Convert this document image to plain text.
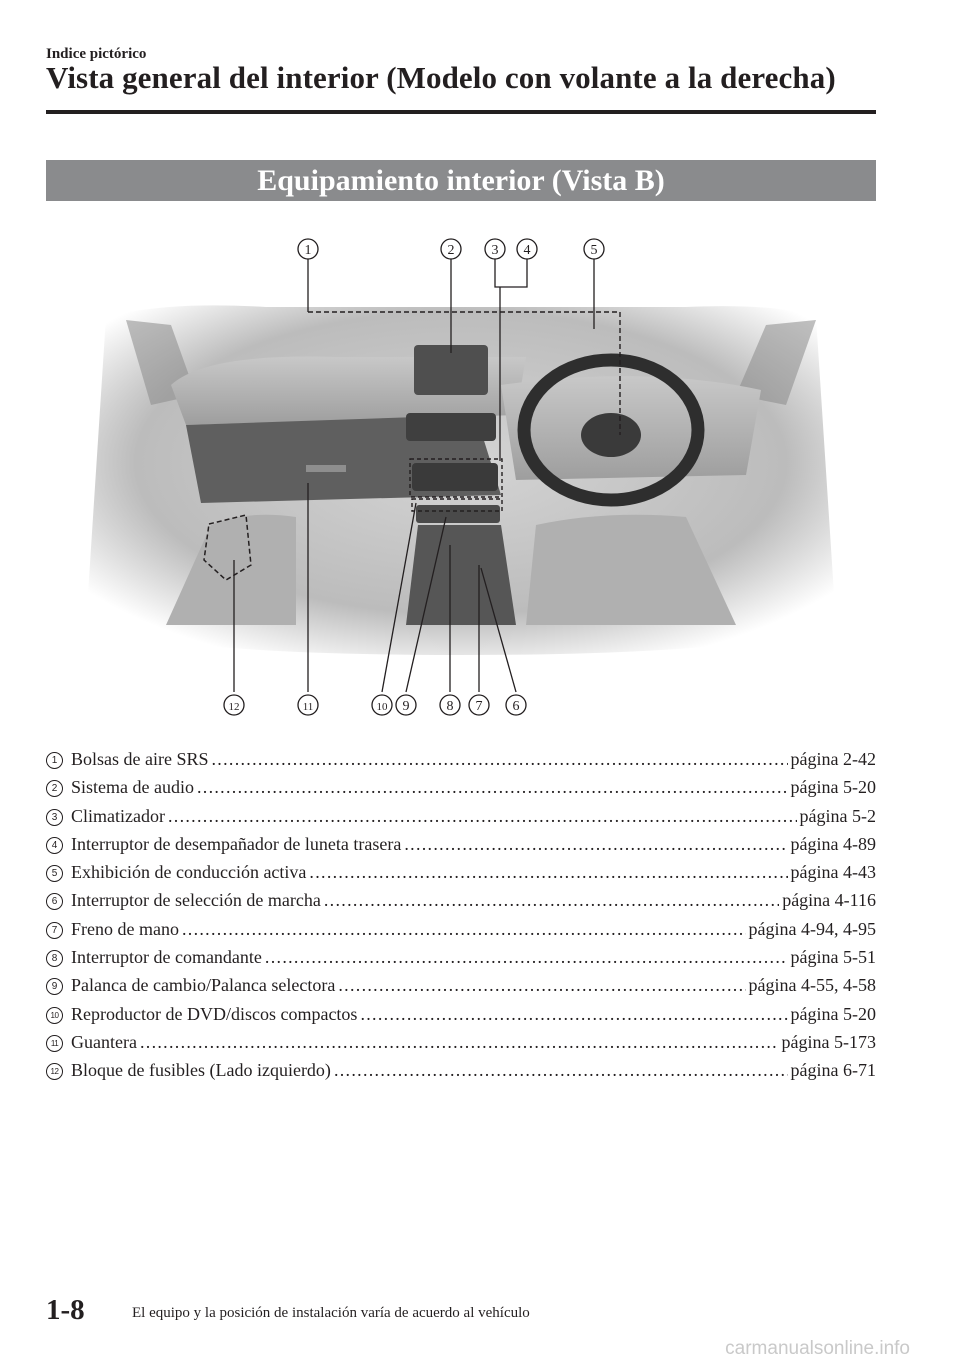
Indice pictórico
Vista general del interior (Modelo con volante a la derecha)
Equipamiento interior (Vista B)
1	2	3 4	5
12	11	10 9	8 7 6
1 Bolsas de aire SRS . . .	página 2-42
2 Sistema de audio . . .	página 5-20
3 Climatizador . . .	página 5-2
4 Interruptor de desempañador de luneta trasera . . .	página 4-89
5 Exhibición de conducción activa . . .	página 4-43
6 Interruptor de selección de marcha . . .	página 4-116
7 Freno de mano . . .	página 4-94, 4-95
8 Interruptor de comandante . . .	página 5-51
9 Palanca de cambio/Palanca selectora . . .	página 4-55, 4-58
10 Reproductor de DVD/discos compactos . . .	página 5-20
11 Guantera . . .	página 5-173
12 Bloque de fusibles (Lado izquierdo) . . .	página 6-71
1-8	El equipo y la posición de instalación varía de acuerdo al vehículo
carmanualsonline.info
